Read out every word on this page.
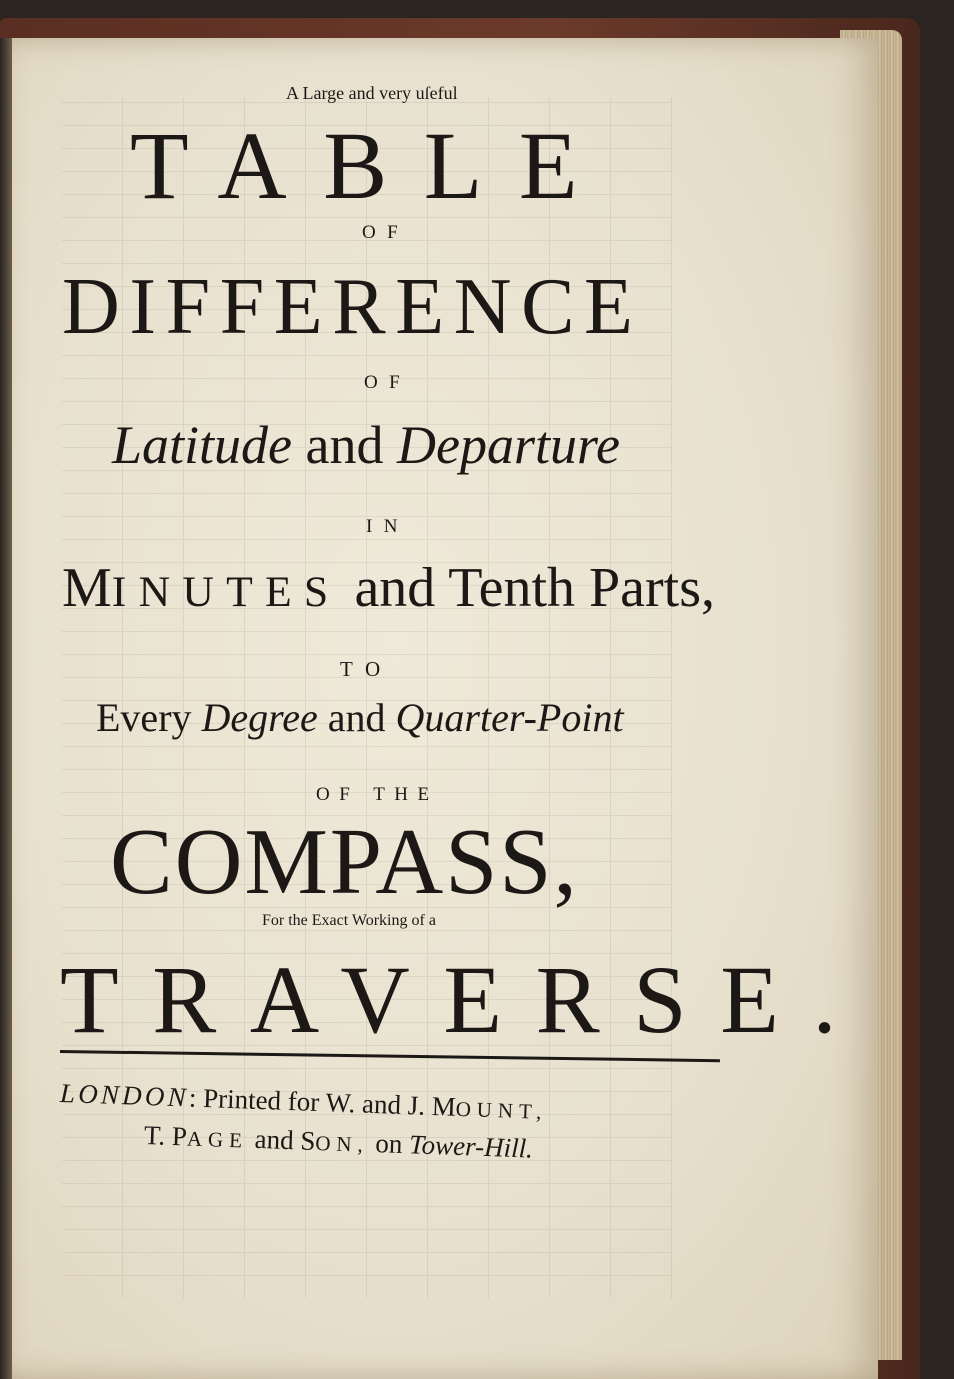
A Large and very uſeful
TABLE
OF
DIFFERENCE
OF
Latitude and Departure
IN
MINUTES and Tenth Parts,
TO
Every Degree and Quarter-Point
OF THE
COMPASS,
For the Exact Working of a
TRAVERSE.
LONDON: Printed for W. and J. MOUNT,
T. PAGE and SON, on Tower-Hill.
